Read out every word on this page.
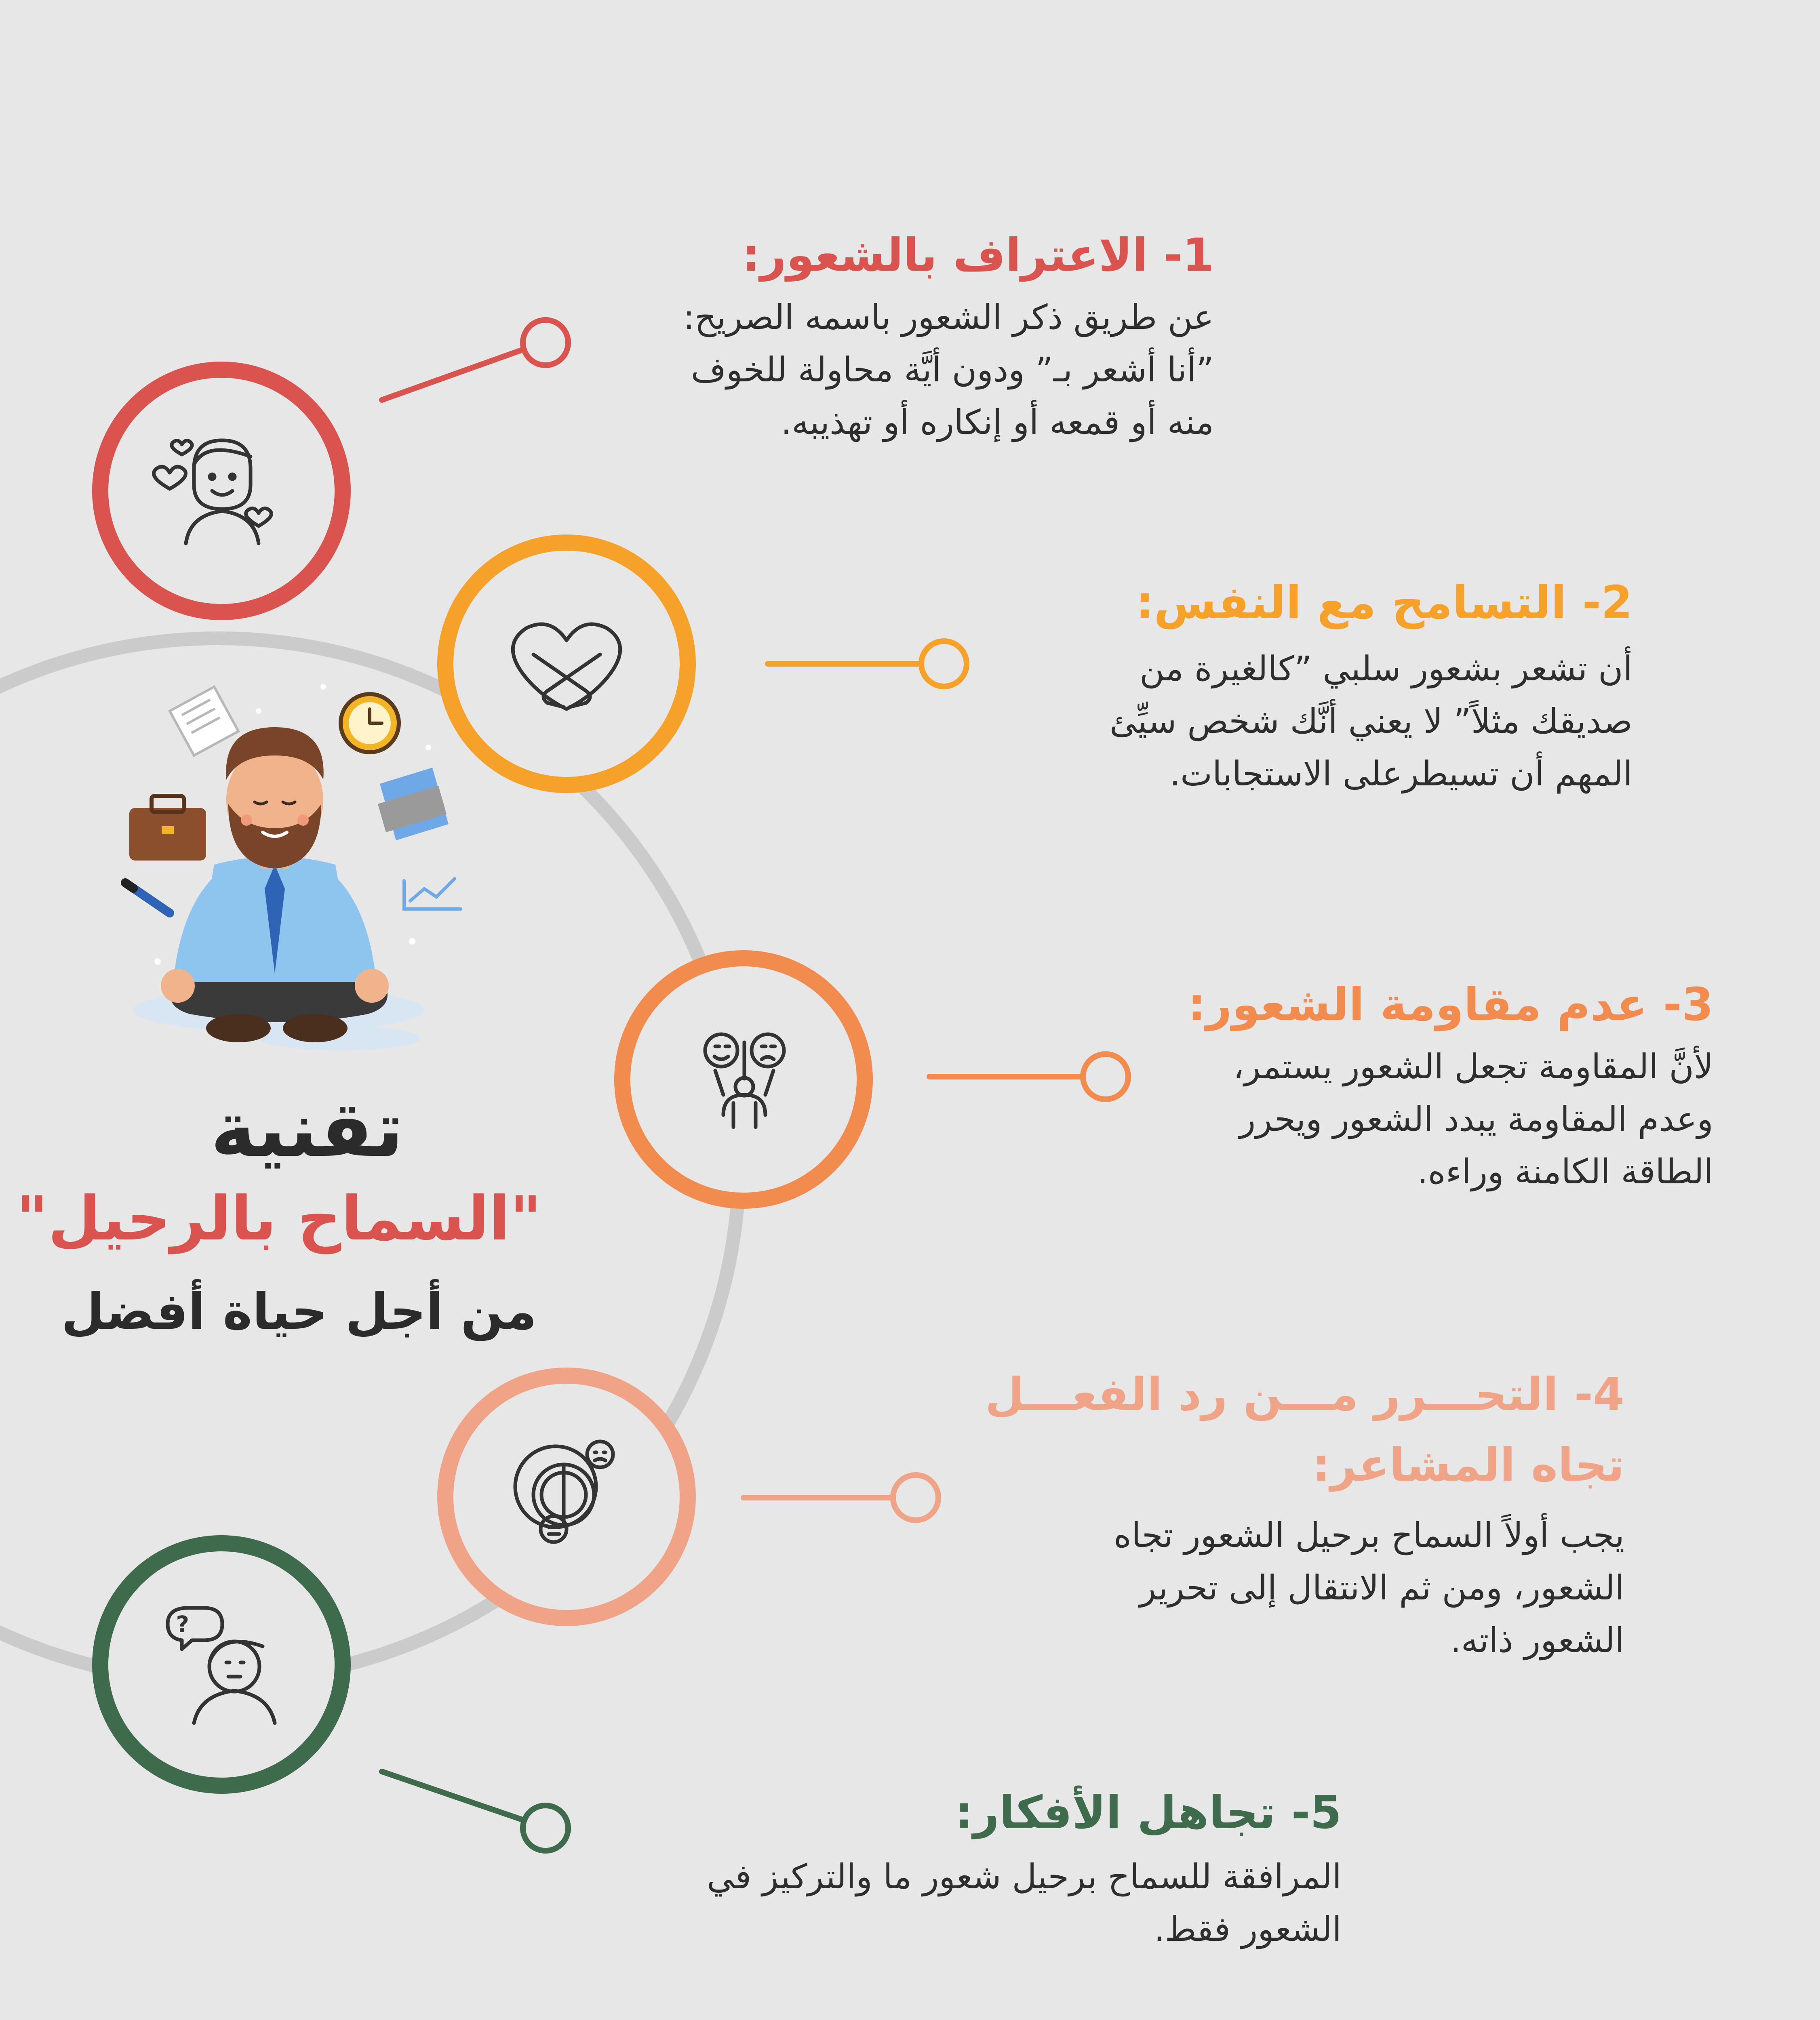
?
تقنية
"السماح بالرحيل"
من أجل حياة أفضل
1- الاعتراف بالشعور:
عن طريق ذكر الشعور باسمه الصريح:
”أنا أشعر بـ” ودون أيَّة محاولة للخوف
منه أو قمعه أو إنكاره أو تهذيبه.
2- التسامح مع النفس:
أن تشعر بشعور سلبي ”كالغيرة من
صديقك مثلاً” لا يعني أنَّك شخص سيِّئ
المهم أن تسيطرعلى الاستجابات.
3- عدم مقاومة الشعور:
لأنَّ المقاومة تجعل الشعور يستمر،
وعدم المقاومة يبدد الشعور ويحرر
الطاقة الكامنة وراءه.
4- التحـــرر مـــن رد الفعـــل
تجاه المشاعر:
يجب أولاً السماح برحيل الشعور تجاه
الشعور، ومن ثم الانتقال إلى تحرير
الشعور ذاته.
5- تجاهل الأفكار:
المرافقة للسماح برحيل شعور ما والتركيز في
الشعور فقط.
